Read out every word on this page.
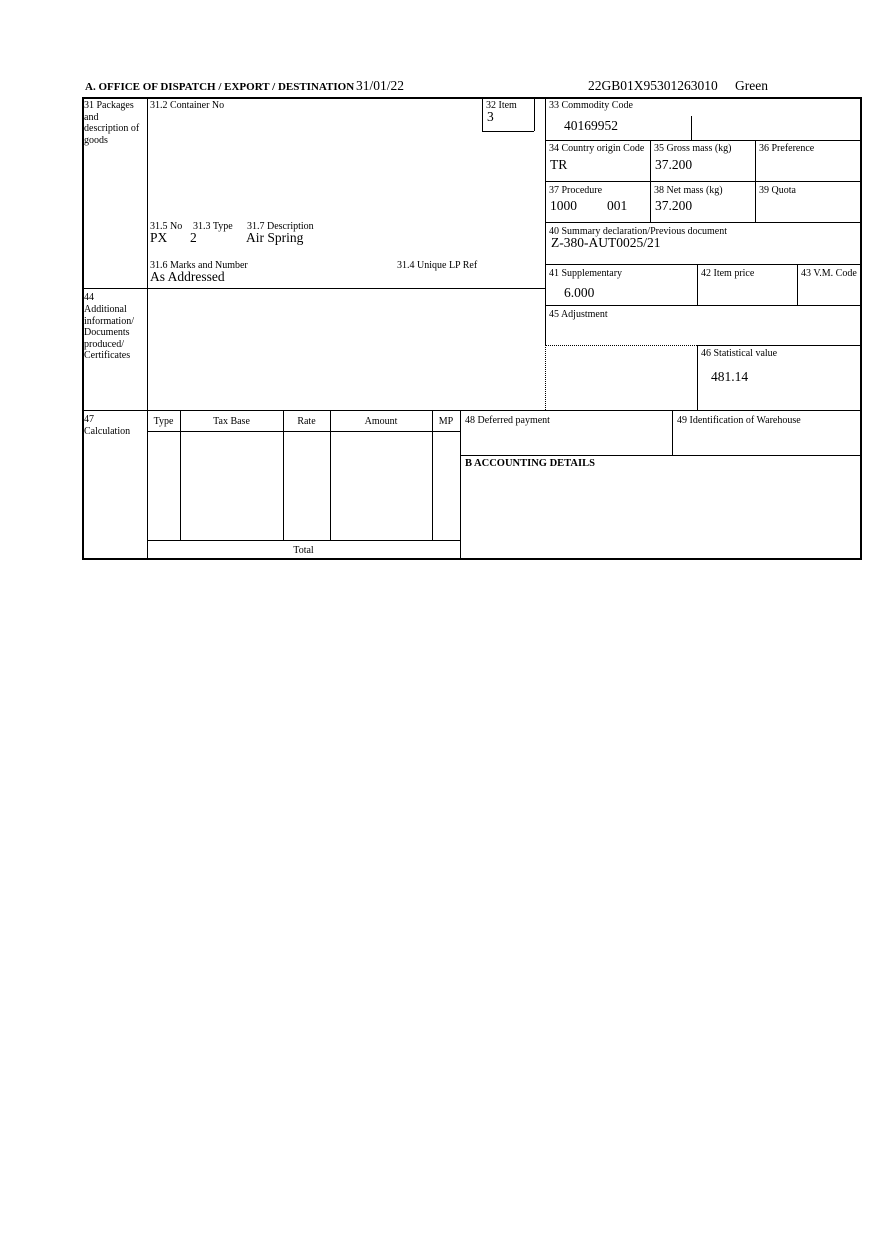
A. OFFICE OF DISPATCH / EXPORT / DESTINATION 31/01/22	22GB01X95301263010 Green
31 Packages and description of goods
44
Additional information/ Documents produced/ Certificates
47
Calculation
31.2 Container No
31.5 No 31.3 Type 31.7 Description
PX 2	Air Spring
31.6 Marks and Number	31.4 Unique LP Ref
As Addressed
32 Item
3
33 Commodity Code
40169952
34 Country origin Code
TR
35 Gross mass (kg)
37.200
36 Preference
37 Procedure
1000 001
38 Net mass (kg)
37.200
39 Quota
40 Summary declaration/Previous document
Z-380-AUT0025/21
41 Supplementary
6.000
42 Item price	43 V.M. Code
45 Adjustment
46 Statistical value
481.14
Type	Tax Base	Rate	Amount	MP
Total
48 Deferred payment	49 Identification of Warehouse
B ACCOUNTING DETAILS
